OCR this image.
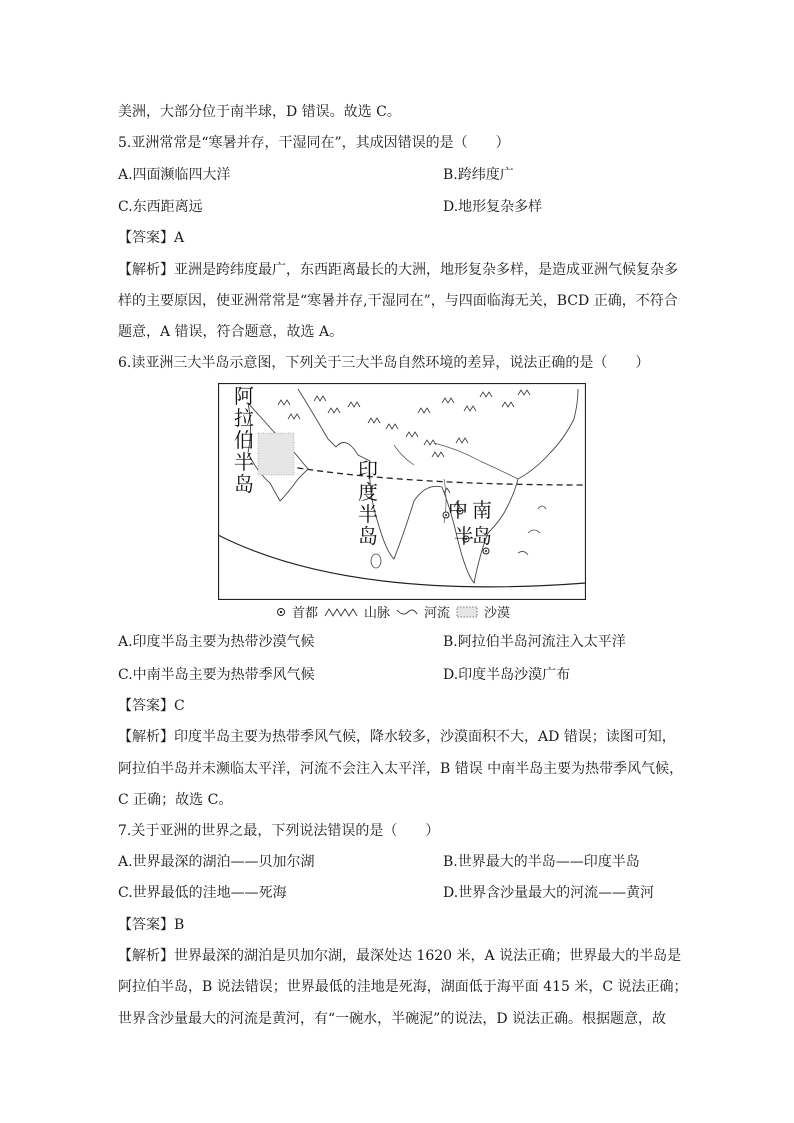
美洲，大部分位于南半球，D 错误。故选 C。
5.亚洲常常是“寒暑并存，干湿同在”，其成因错误的是（　　）
A.四面濒临四大洋	B.跨纬度广
C.东西距离远	D.地形复杂多样
【答案】A
【解析】亚洲是跨纬度最广，东西距离最长的大洲，地形复杂多样，是造成亚洲气候复杂多
样的主要原因，使亚洲常常是“寒暑并存,干湿同在”，与四面临海无关，BCD 正确，不符合
题意，A 错误，符合题意，故选 A。
6.读亚洲三大半岛示意图，下列关于三大半岛自然环境的差异，说法正确的是（　　）
阿
拉
伯
半
岛
印
度
半
岛
中 南
半
岛
首都	山脉	河流	沙漠
A.印度半岛主要为热带沙漠气候	B.阿拉伯半岛河流注入太平洋
C.中南半岛主要为热带季风气候	D.印度半岛沙漠广布
【答案】C
【解析】印度半岛主要为热带季风气候，降水较多，沙漠面积不大，AD 错误；读图可知，
阿拉伯半岛并未濒临太平洋，河流不会注入太平洋，B 错误 中南半岛主要为热带季风气候，
C 正确；故选 C。
7.关于亚洲的世界之最，下列说法错误的是（　　）
A.世界最深的湖泊——贝加尔湖	B.世界最大的半岛——印度半岛
C.世界最低的洼地——死海	D.世界含沙量最大的河流——黄河
【答案】B
【解析】世界最深的湖泊是贝加尔湖，最深处达 1620 米，A 说法正确；世界最大的半岛是
阿拉伯半岛，B 说法错误；世界最低的洼地是死海，湖面低于海平面 415 米，C 说法正确；
世界含沙量最大的河流是黄河，有“一碗水，半碗泥”的说法，D 说法正确。根据题意，故
